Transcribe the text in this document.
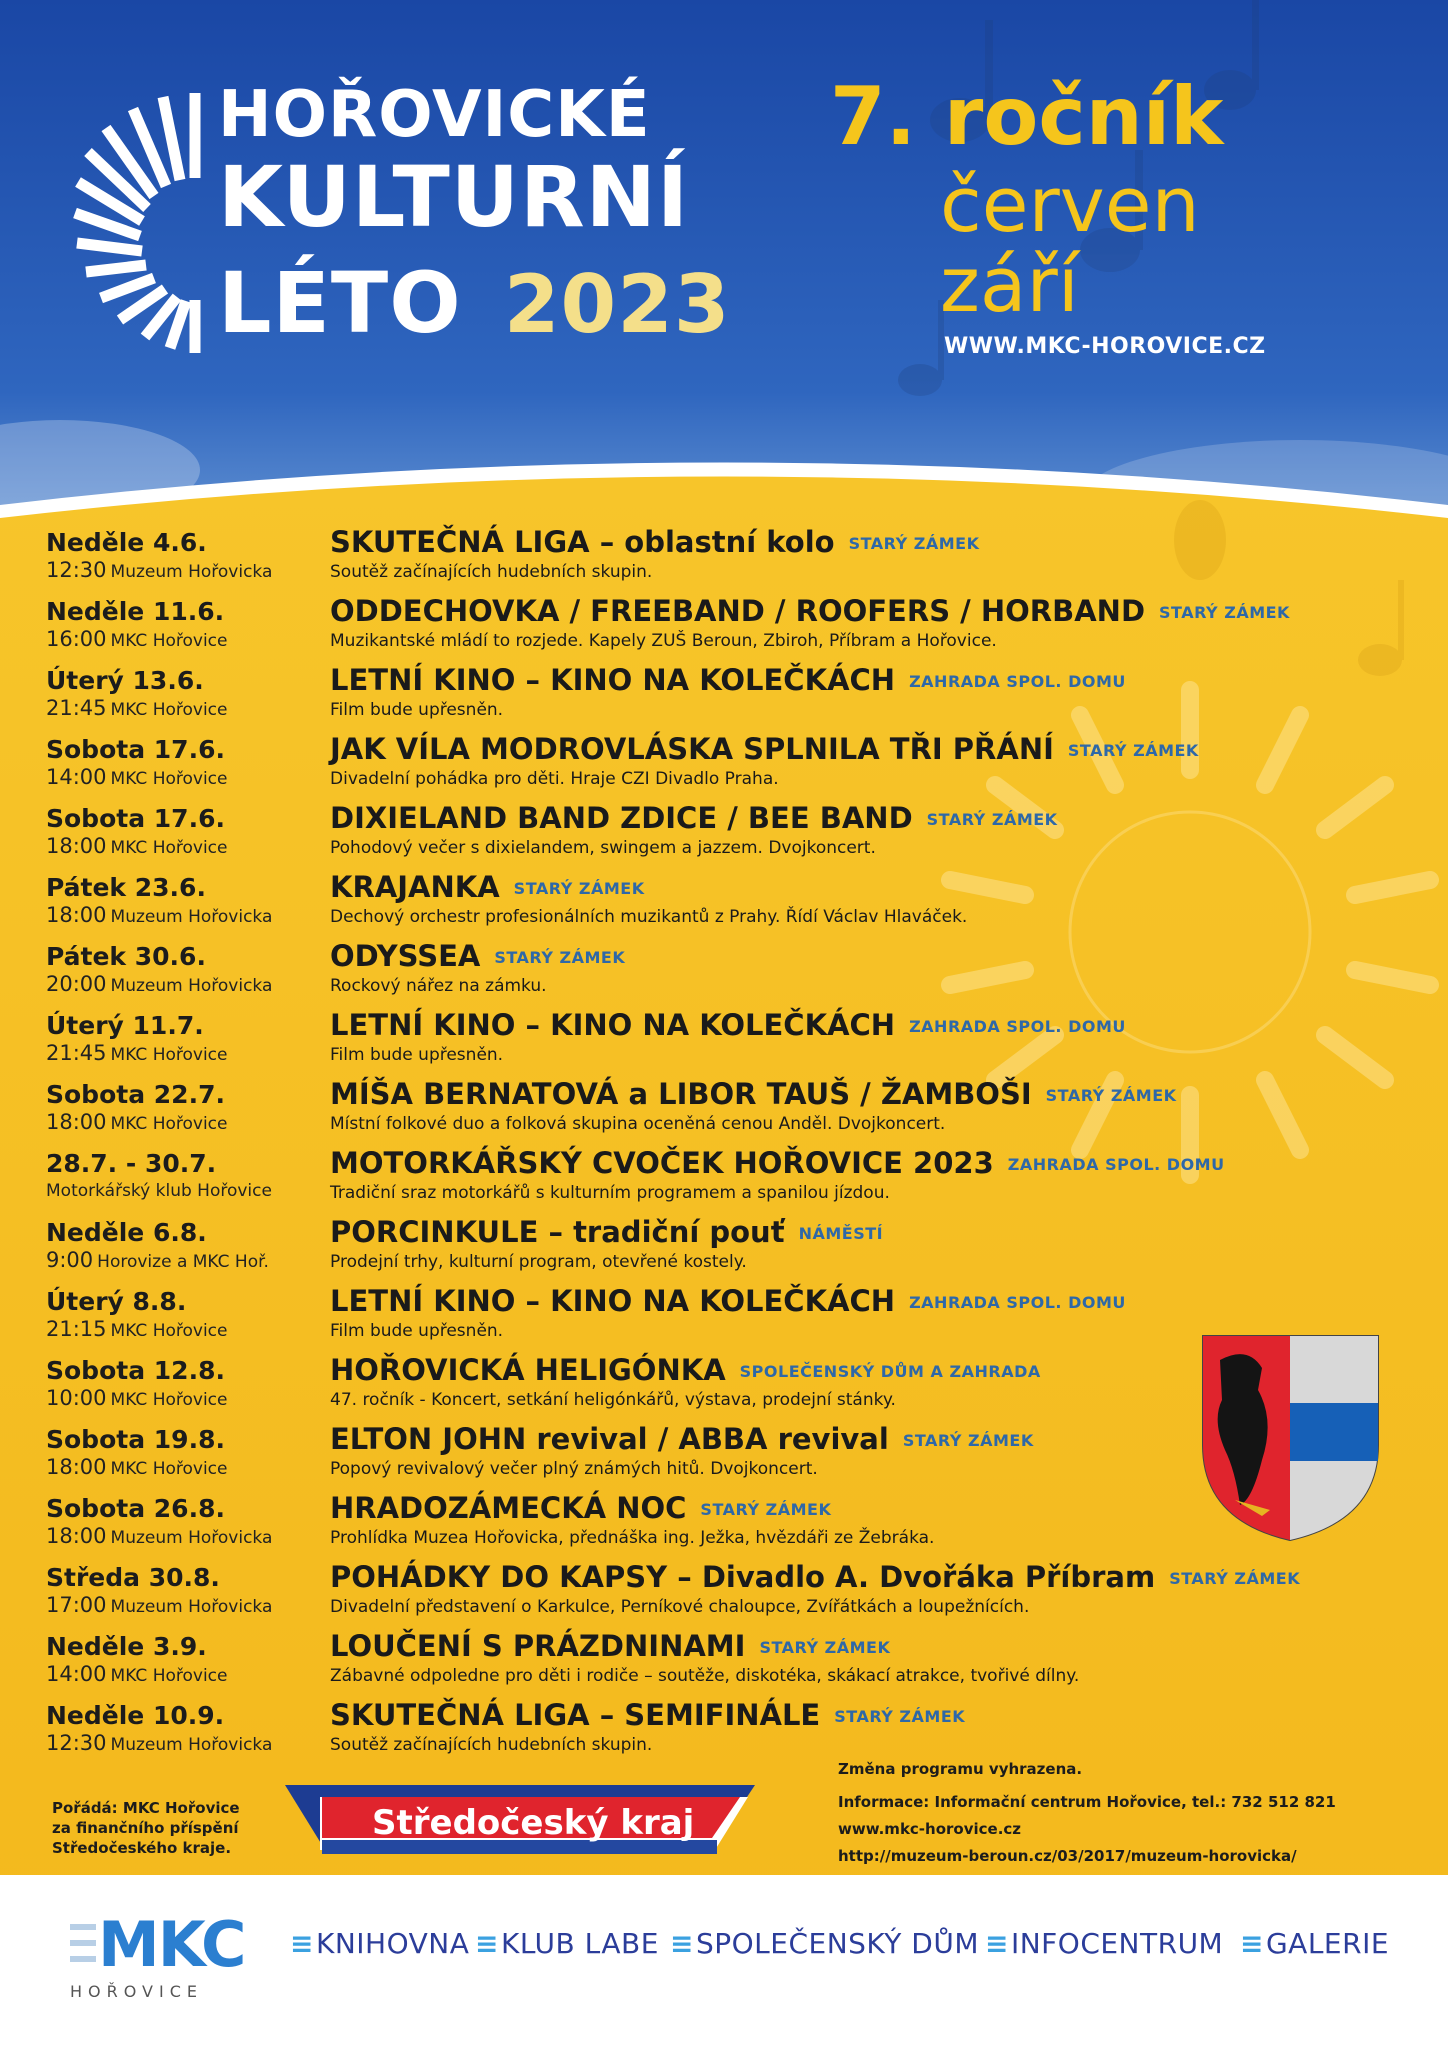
HOŘOVICKÉ
KULTURNÍ
LÉTO 2023
7. ročník
červen
září
WWW.MKC-HOROVICE.CZ
Neděle 4.6.
12:30 Muzeum Hořovicka
SKUTEČNÁ LIGA – oblastní kolo STARÝ ZÁMEK
Soutěž začínajících hudebních skupin.
Neděle 11.6.
16:00 MKC Hořovice
ODDECHOVKA / FREEBAND / ROOFERS / HORBAND STARÝ ZÁMEK
Muzikantské mládí to rozjede. Kapely ZUŠ Beroun, Zbiroh, Příbram a Hořovice.
Úterý 13.6.
21:45 MKC Hořovice
LETNÍ KINO – KINO NA KOLEČKÁCH ZAHRADA SPOL. DOMU
Film bude upřesněn.
Sobota 17.6.
14:00 MKC Hořovice
JAK VÍLA MODROVLÁSKA SPLNILA TŘI PŘÁNÍ STARÝ ZÁMEK
Divadelní pohádka pro děti. Hraje CZI Divadlo Praha.
Sobota 17.6.
18:00 MKC Hořovice
DIXIELAND BAND ZDICE / BEE BAND STARÝ ZÁMEK
Pohodový večer s dixielandem, swingem a jazzem. Dvojkoncert.
Pátek 23.6.
18:00 Muzeum Hořovicka
KRAJANKA STARÝ ZÁMEK
Dechový orchestr profesionálních muzikantů z Prahy. Řídí Václav Hlaváček.
Pátek 30.6.
20:00 Muzeum Hořovicka
ODYSSEA STARÝ ZÁMEK
Rockový nářez na zámku.
Úterý 11.7.
21:45 MKC Hořovice
LETNÍ KINO – KINO NA KOLEČKÁCH ZAHRADA SPOL. DOMU
Film bude upřesněn.
Sobota 22.7.
18:00 MKC Hořovice
MÍŠA BERNATOVÁ a LIBOR TAUŠ / ŽAMBOŠI STARÝ ZÁMEK
Místní folkové duo a folková skupina oceněná cenou Anděl. Dvojkoncert.
28.7. - 30.7.
Motorkářský klub Hořovice
MOTORKÁŘSKÝ CVOČEK HOŘOVICE 2023 ZAHRADA SPOL. DOMU
Tradiční sraz motorkářů s kulturním programem a spanilou jízdou.
Neděle 6.8.
9:00 Horovize a MKC Hoř.
PORCINKULE – tradiční pouť NÁMĚSTÍ
Prodejní trhy, kulturní program, otevřené kostely.
Úterý 8.8.
21:15 MKC Hořovice
LETNÍ KINO – KINO NA KOLEČKÁCH ZAHRADA SPOL. DOMU
Film bude upřesněn.
Sobota 12.8.
10:00 MKC Hořovice
HOŘOVICKÁ HELIGÓNKA SPOLEČENSKÝ DŮM A ZAHRADA
47. ročník - Koncert, setkání heligónkářů, výstava, prodejní stánky.
Sobota 19.8.
18:00 MKC Hořovice
ELTON JOHN revival / ABBA revival STARÝ ZÁMEK
Popový revivalový večer plný známých hitů. Dvojkoncert.
Sobota 26.8.
18:00 Muzeum Hořovicka
HRADOZÁMECKÁ NOC STARÝ ZÁMEK
Prohlídka Muzea Hořovicka, přednáška ing. Ježka, hvězdáři ze Žebráka.
Středa 30.8.
17:00 Muzeum Hořovicka
POHÁDKY DO KAPSY – Divadlo A. Dvořáka Příbram STARÝ ZÁMEK
Divadelní představení o Karkulce, Perníkové chaloupce, Zvířátkách a loupežnících.
Neděle 3.9.
14:00 MKC Hořovice
LOUČENÍ S PRÁZDNINAMI STARÝ ZÁMEK
Zábavné odpoledne pro děti i rodiče – soutěže, diskotéka, skákací atrakce, tvořivé dílny.
Neděle 10.9.
12:30 Muzeum Hořovicka
SKUTEČNÁ LIGA – SEMIFINÁLE STARÝ ZÁMEK
Soutěž začínajících hudebních skupin.
Pořádá: MKC Hořovice
za finančního příspění
Středočeského kraje.
Středočeský kraj
Změna programu vyhrazena.
Informace: Informační centrum Hořovice, tel.: 732 512 821
www.mkc-horovice.cz
http://muzeum-beroun.cz/03/2017/muzeum-horovicka/
MKC
HOŘOVICE
≡KNIHOVNA ≡KLUB LABE ≡SPOLEČENSKÝ DŮM ≡INFOCENTRUM ≡GALERIE
